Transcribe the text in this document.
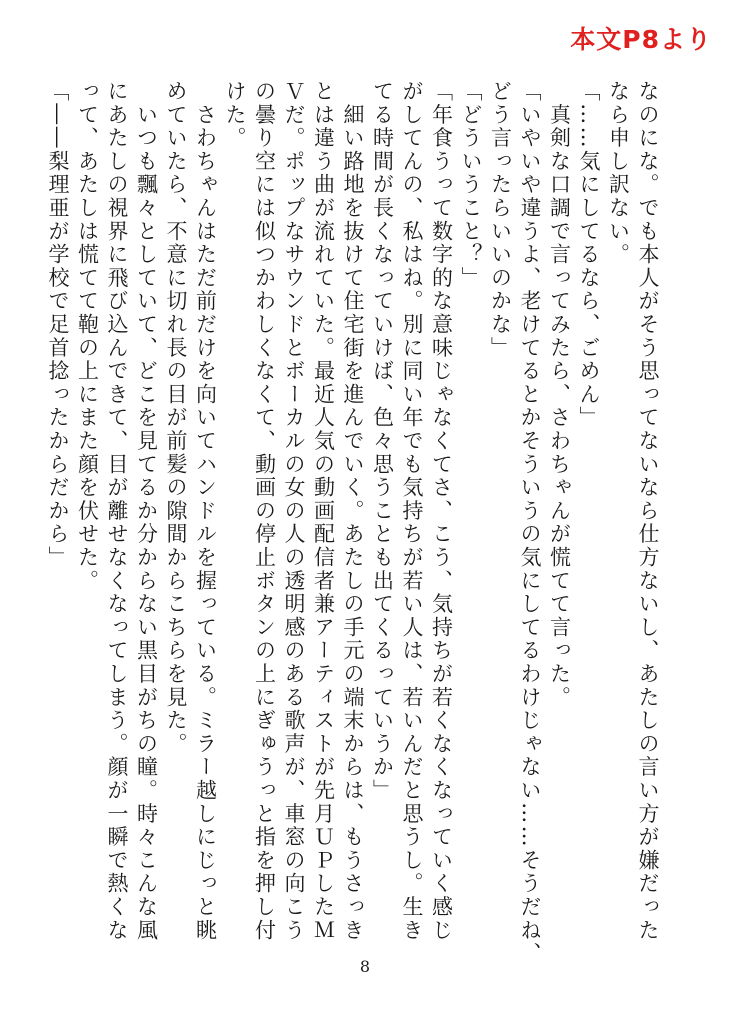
本文P8より

なのにな。でも本人がそう思ってないなら仕方ないし、あたしの言い方が嫌だった

なら申し訳ない。

「……気にしてるなら、ごめん」

　真剣な口調で言ってみたら、さわちゃんが慌てて言った。

「いやいや違うよ、老けてるとかそういうの気にしてるわけじゃない……そうだね、

どう言ったらいいのかな」

「どういうこと？」

「年食うって数字的な意味じゃなくてさ、こう、気持ちが若くなくなっていく感じ

がしてんの、私はね。別に同い年でも気持ちが若い人は、若いんだと思うし。生き

てる時間が長くなっていけば、色々思うことも出てくるっていうか」

　細い路地を抜けて住宅街を進んでいく。あたしの手元の端末からは、もうさっき

とは違う曲が流れていた。最近人気の動画配信者兼アーティストが先月ＵＰしたＭ

Ｖだ。ポップなサウンドとボーカルの女の人の透明感のある歌声が、車窓の向こう

の曇り空には似つかわしくなくて、動画の停止ボタンの上にぎゅうっと指を押し付

けた。

　さわちゃんはただ前だけを向いてハンドルを握っている。ミラー越しにじっと眺

めていたら、不意に切れ長の目が前髪の隙間からこちらを見た。

　いつも飄々としていて、どこを見てるか分からない黒目がちの瞳。時々こんな風

にあたしの視界に飛び込んできて、目が離せなくなってしまう。顔が一瞬で熱くな

って、あたしは慌てて鞄の上にまた顔を伏せた。

「――梨理亜が学校で足首捻ったからだから」

8
